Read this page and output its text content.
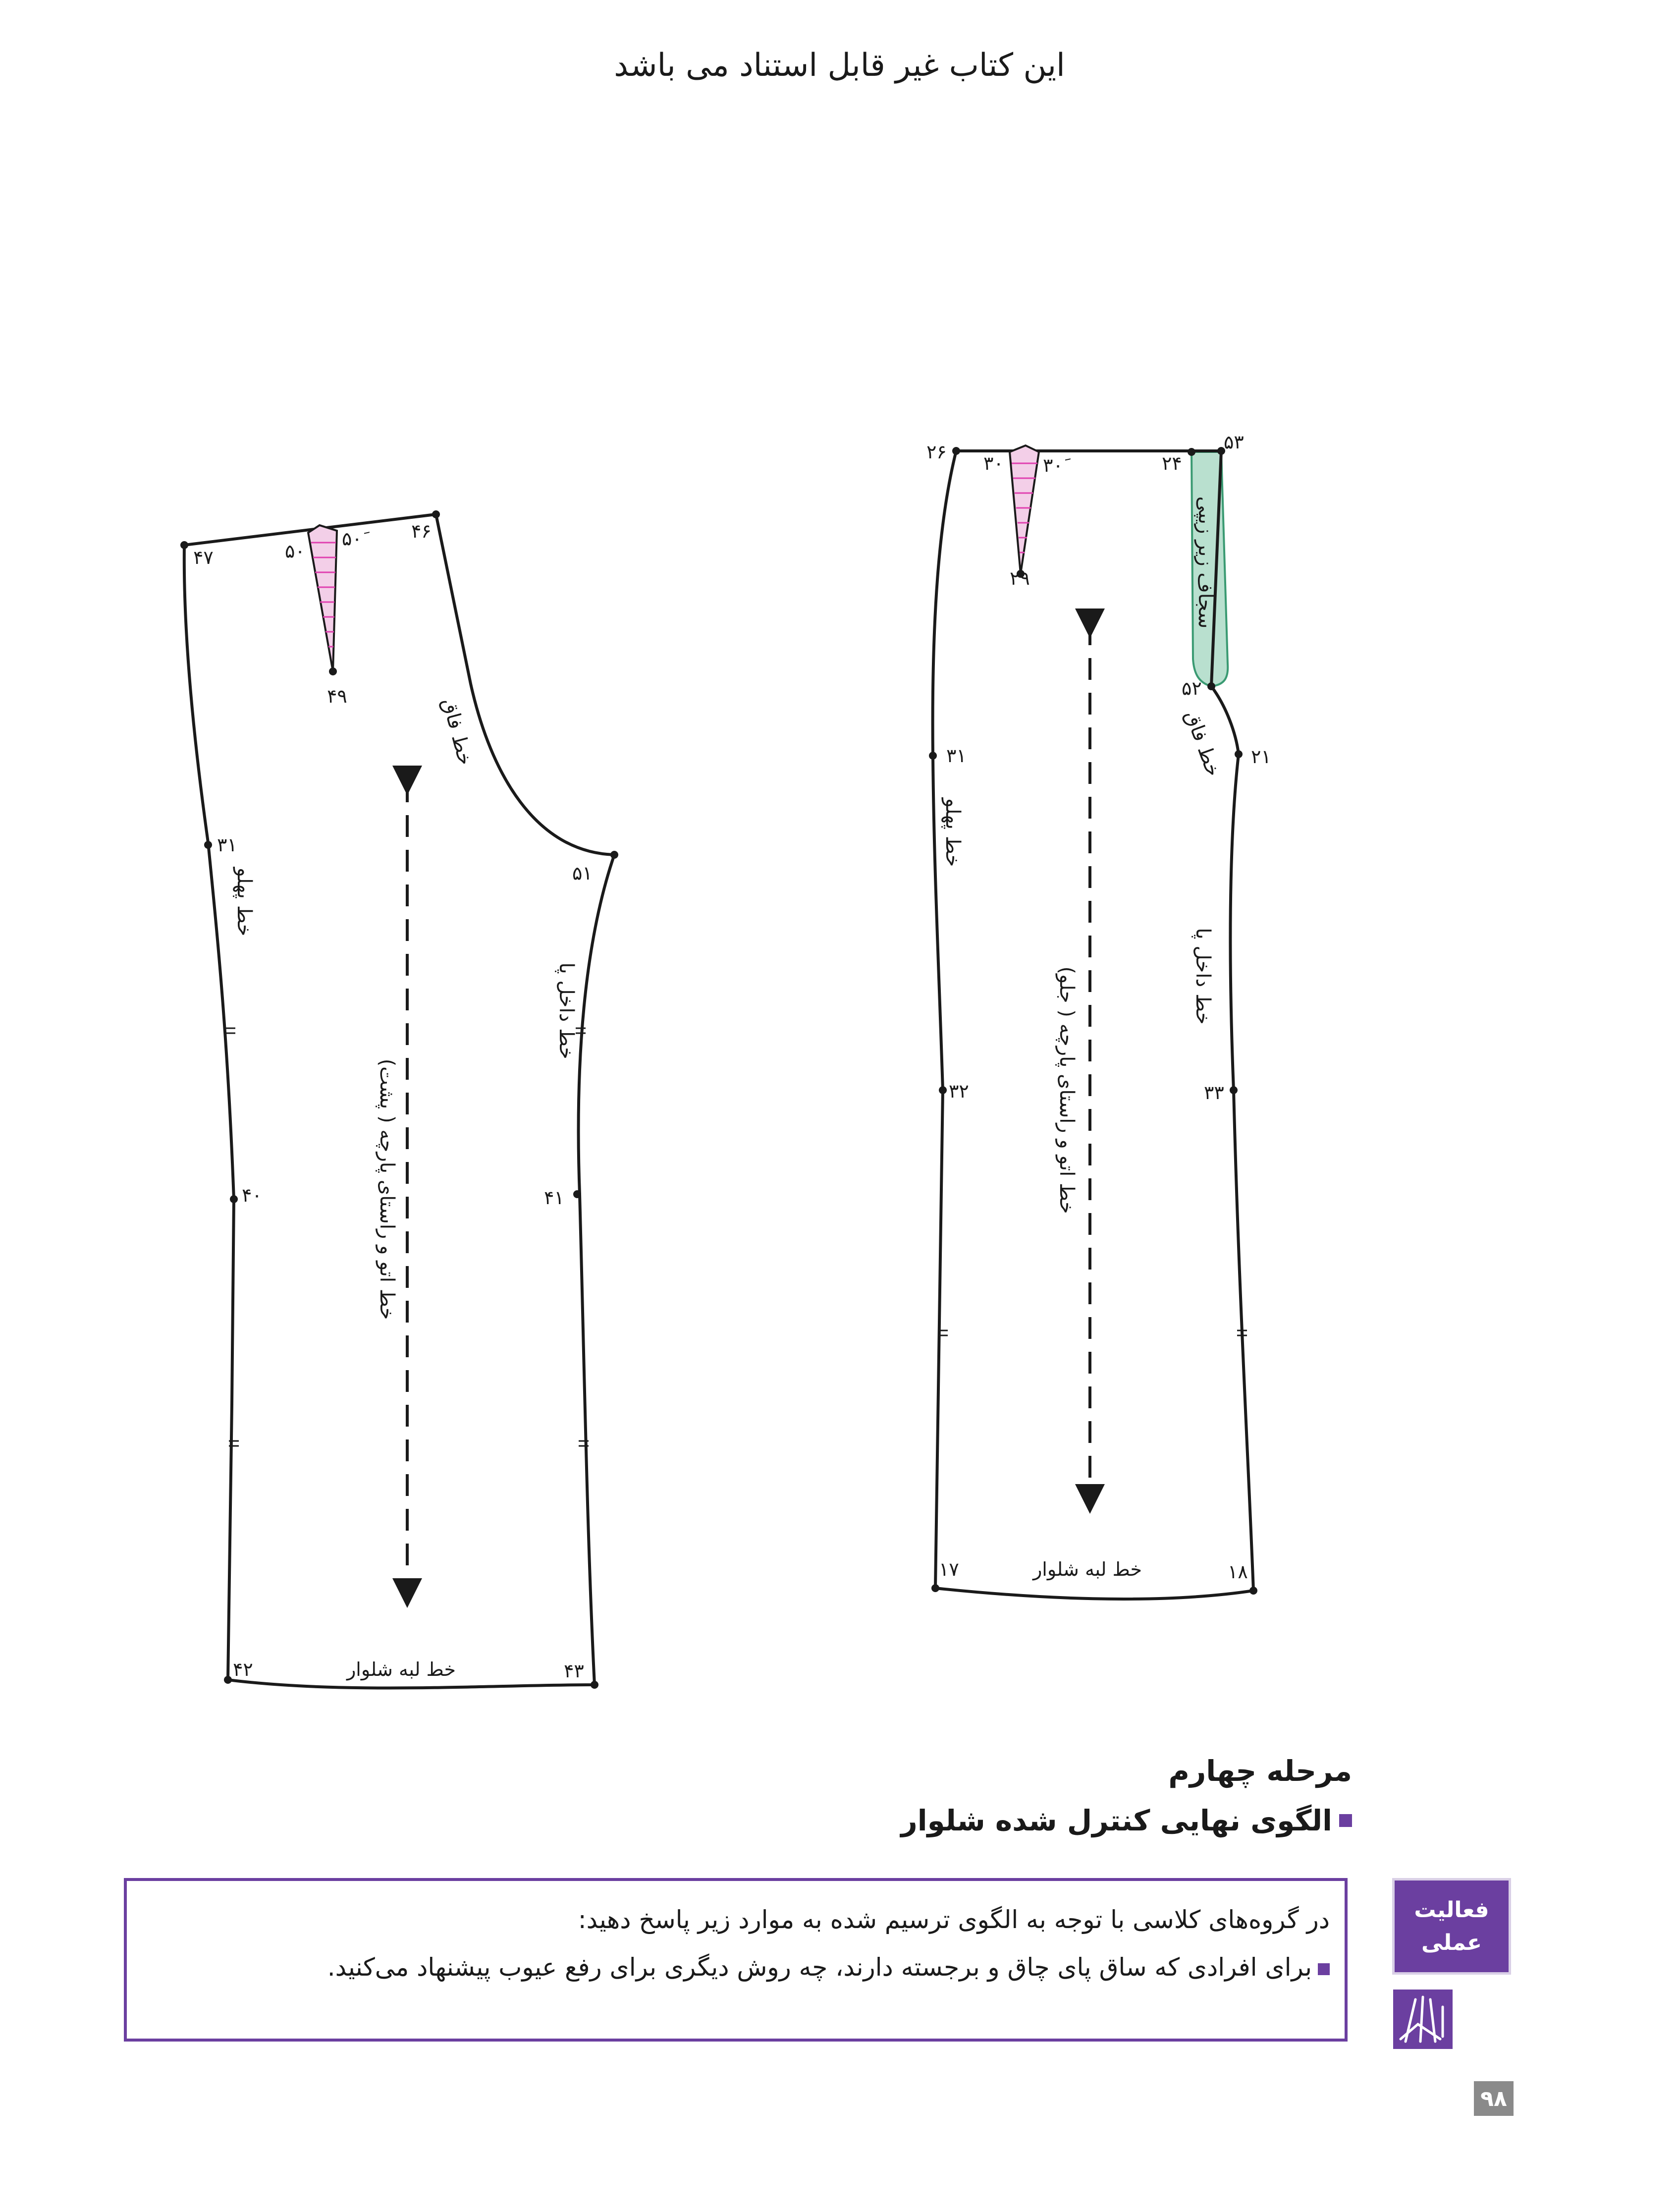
این کتاب غیر قابل استناد می باشد
۴۷	۵۰
۵۰َ	۴۶
۴۹
۳۱
۵۱
۴۰	۴۱
۴۲	۴۳
خط لبه شلوار
خط اتو و راستای پارچه ( پشت)
خط پهلو
خط فاق
خط داخل پا
۲۶
۳۰ ۳۰َ	۲۴
۵۳
۲۹
۵۲
۲۱
۳۱
۳۲	۳۳
۱۷	۱۸
خط لبه شلوار
خط اتو و راستای پارچه ( جلو)
خط پهلو
خط فاق
خط داخل پا
سجاف زیر زیپی
مرحله چهارم
الگوی نهایی کنترل شده شلوار
در گروه‌های کلاسی با توجه به الگوی ترسیم شده به موارد زیر پاسخ دهید:
برای افرادی که ساق پای چاق و برجسته دارند، چه روش دیگری برای رفع عیوب پیشنهاد می‌کنید.
فعالیت
عملی
۹۸
